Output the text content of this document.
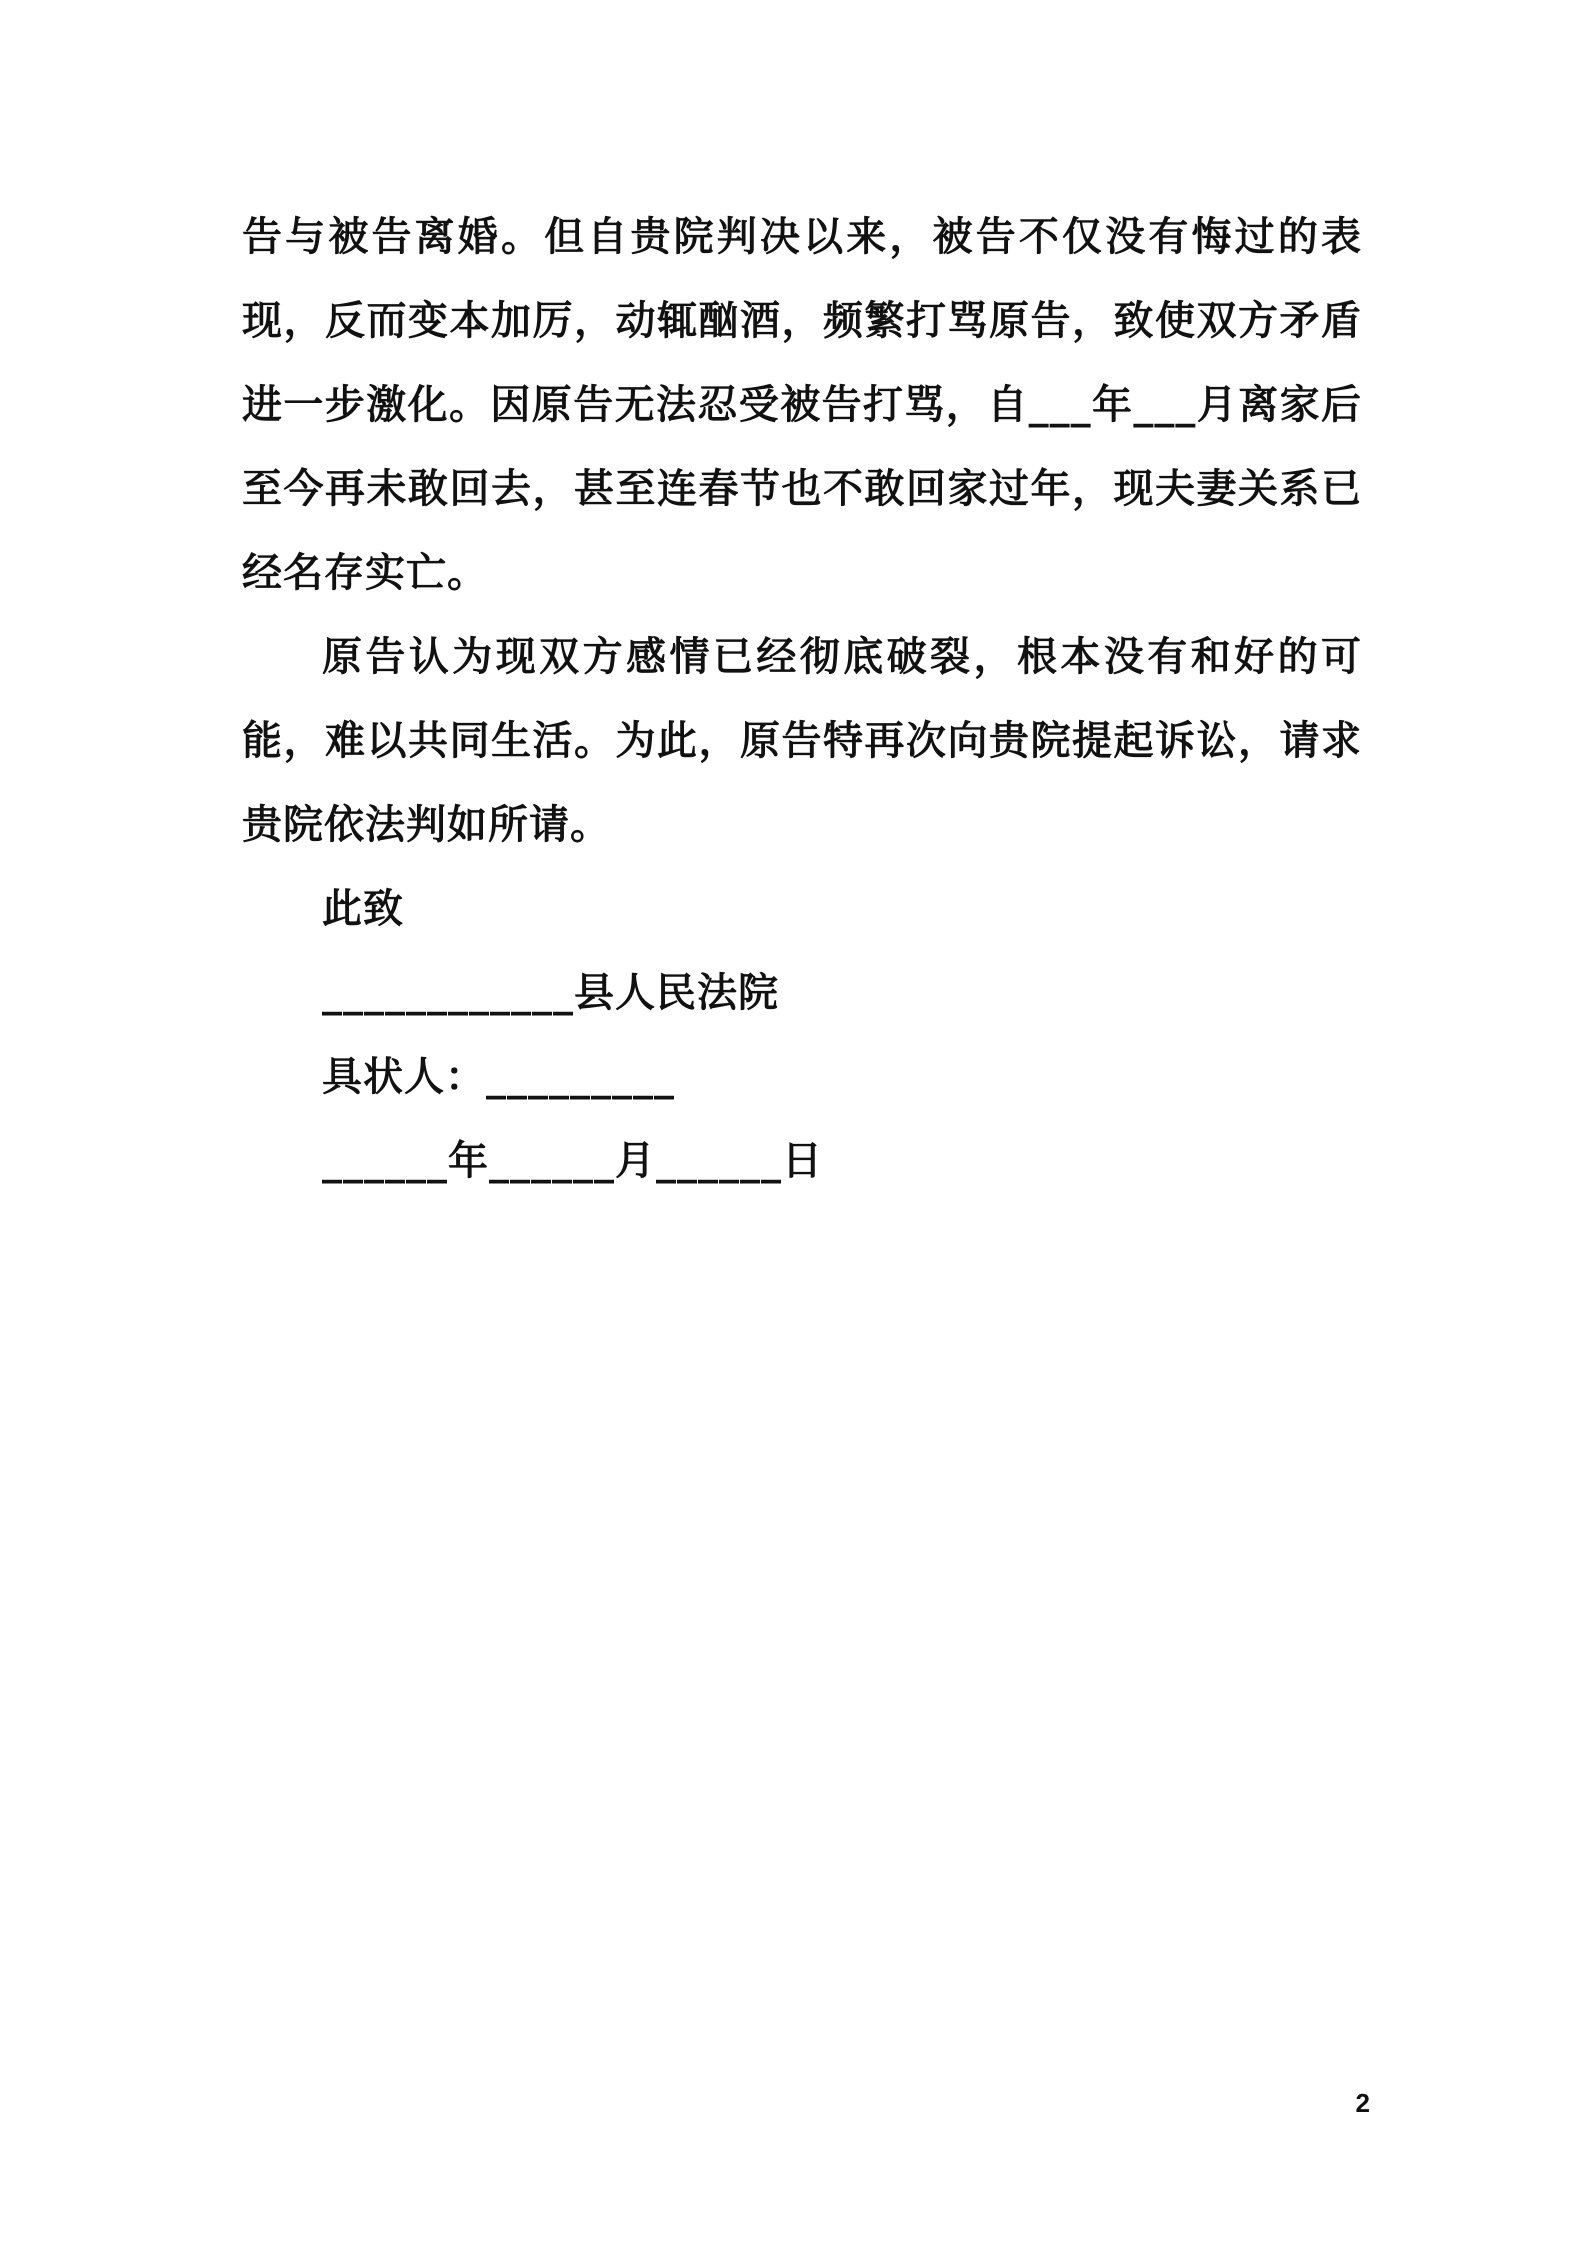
告与被告离婚。但自贵院判决以来，被告不仅没有悔过的表现，反而变本加厉，动辄酗酒，频繁打骂原告，致使双方矛盾进一步激化。因原告无法忍受被告打骂，自___年___月离家后至今再未敢回去，甚至连春节也不敢回家过年，现夫妻关系已经名存实亡。

原告认为现双方感情已经彻底破裂，根本没有和好的可能，难以共同生活。为此，原告特再次向贵院提起诉讼，请求贵院依法判如所请。

此致

____________县人民法院

具状人：_________

______年______月______日

2
